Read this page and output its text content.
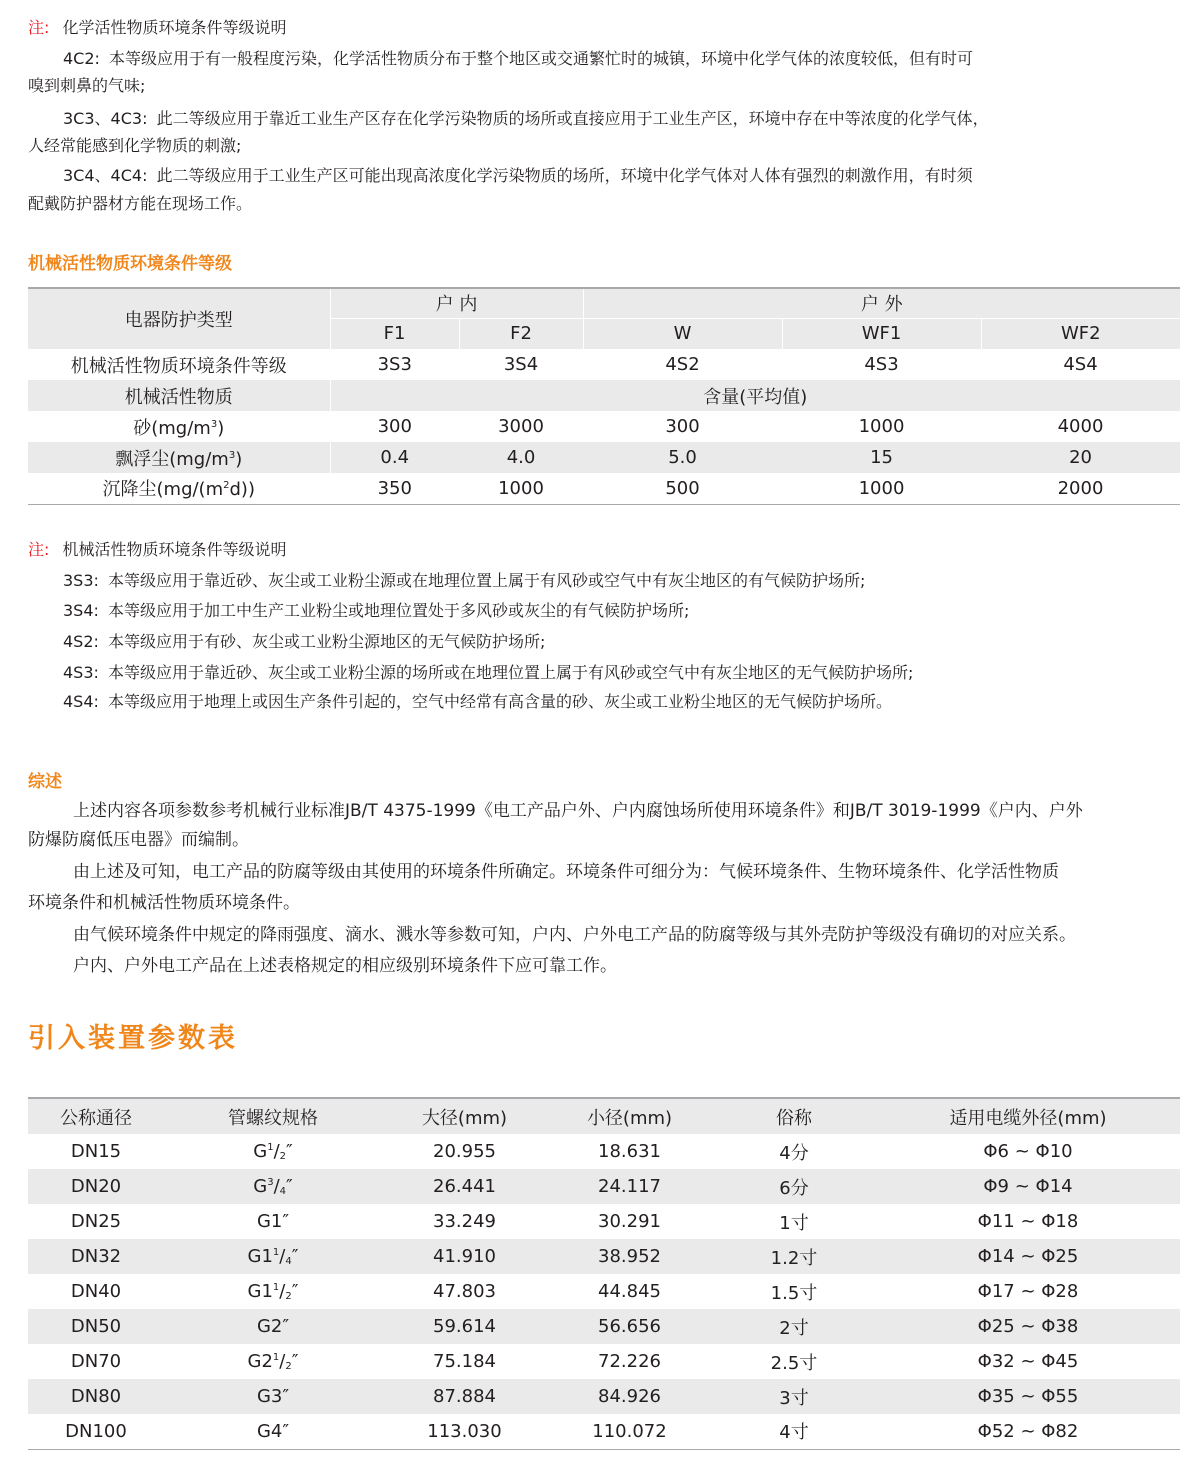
注: 化学活性物质环境条件等级说明
4C2: 本等级应用于有一般程度污染，化学活性物质分布于整个地区或交通繁忙时的城镇，环境中化学气体的浓度较低，但有时可
嗅到刺鼻的气味;
3C3、4C3: 此二等级应用于靠近工业生产区存在化学污染物质的场所或直接应用于工业生产区，环境中存在中等浓度的化学气体，
人经常能感到化学物质的刺激;
3C4、4C4: 此二等级应用于工业生产区可能出现高浓度化学污染物质的场所，环境中化学气体对人体有强烈的刺激作用，有时须
配戴防护器材方能在现场工作。
机械活性物质环境条件等级
电器防护类型	户 内		户 外		
	F1	F2	W	WF1	WF2
机械活性物质环境条件等级	3S3	3S4	4S2	4S3	4S4
机械活性物质	含量(平均值)				
砂$(mg/m^3)$	300	3000	300	1000	4000
飘浮尘$(mg/m^3)$	0.4	4.0	5.0	15	20
沉降尘$(mg/(m^2d))$	350	1000	500	1000	2000
注: 机械活性物质环境条件等级说明
3S3: 本等级应用于靠近砂、灰尘或工业粉尘源或在地理位置上属于有风砂或空气中有灰尘地区的有气候防护场所;
3S4: 本等级应用于加工中生产工业粉尘或地理位置处于多风砂或灰尘的有气候防护场所;
4S2: 本等级应用于有砂、灰尘或工业粉尘源地区的无气候防护场所;
4S3: 本等级应用于靠近砂、灰尘或工业粉尘源的场所或在地理位置上属于有风砂或空气中有灰尘地区的无气候防护场所;
4S4: 本等级应用于地理上或因生产条件引起的，空气中经常有高含量的砂、灰尘或工业粉尘地区的无气候防护场所。
综述
上述内容各项参数参考机械行业标准JB/T 4375-1999《电工产品户外、户内腐蚀场所使用环境条件》和JB/T 3019-1999《户内、户外
防爆防腐低压电器》而编制。
由上述及可知，电工产品的防腐等级由其使用的环境条件所确定。环境条件可细分为：气候环境条件、生物环境条件、化学活性物质
环境条件和机械活性物质环境条件。
由气候环境条件中规定的降雨强度、滴水、溅水等参数可知，户内、户外电工产品的防腐等级与其外壳防护等级没有确切的对应关系。
户内、户外电工产品在上述表格规定的相应级别环境条件下应可靠工作。
引入装置参数表
公称通径	管螺纹规格	大径(mm)	小径(mm)	俗称	适用电缆外径(mm)
DN15	$G^1/_2''$	20.955	18.631	4分	Φ6 ~ Φ10
DN20	$G^3/_4''$	26.441	24.117	6分	Φ9 ~ Φ14
DN25	G1″	33.249	30.291	1寸	Φ11 ~ Φ18
DN32	$G1^1/_4''$	41.910	38.952	1.2寸	Φ14 ~ Φ25
DN40	$G1^1/_2''$	47.803	44.845	1.5寸	Φ17 ~ Φ28
DN50	G2″	59.614	56.656	2寸	Φ25 ~ Φ38
DN70	$G2^1/_2''$	75.184	72.226	2.5寸	Φ32 ~ Φ45
DN80	G3″	87.884	84.926	3寸	Φ35 ~ Φ55
DN100	G4″	113.030	110.072	4寸	Φ52 ~ Φ82
